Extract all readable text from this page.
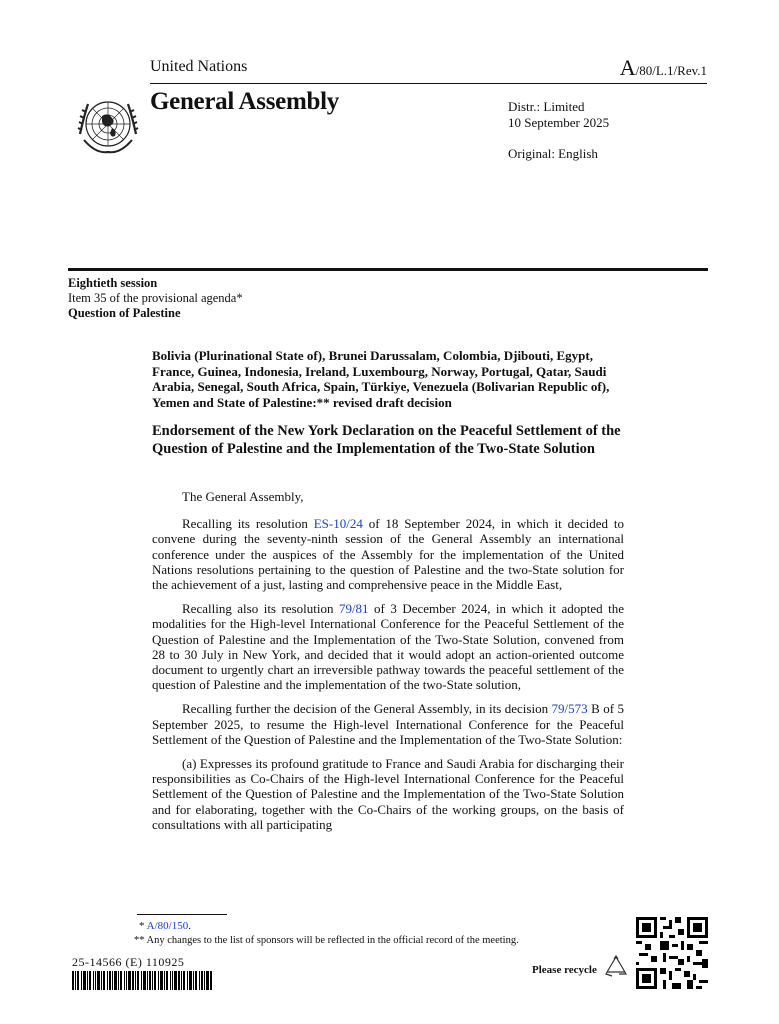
United Nations	A/80/L.1/Rev.1
General Assembly	Distr.: Limited
10 September 2025
Original: English
Eightieth session
Item 35 of the provisional agenda*
Question of Palestine
Bolivia (Plurinational State of), Brunei Darussalam, Colombia, Djibouti, Egypt, France, Guinea, Indonesia, Ireland, Luxembourg, Norway, Portugal, Qatar, Saudi Arabia, Senegal, South Africa, Spain, Türkiye, Venezuela (Bolivarian Republic of), Yemen and State of Palestine:** revised draft decision
Endorsement of the New York Declaration on the Peaceful Settlement of the Question of Palestine and the Implementation of the Two-State Solution

The General Assembly,

Recalling its resolution ES-10/24 of 18 September 2024, in which it decided to convene during the seventy-ninth session of the General Assembly an international conference under the auspices of the Assembly for the implementation of the United Nations resolutions pertaining to the question of Palestine and the two-State solution for the achievement of a just, lasting and comprehensive peace in the Middle East,

Recalling also its resolution 79/81 of 3 December 2024, in which it adopted the modalities for the High-level International Conference for the Peaceful Settlement of the Question of Palestine and the Implementation of the Two-State Solution, convened from 28 to 30 July in New York, and decided that it would adopt an action-oriented outcome document to urgently chart an irreversible pathway towards the peaceful settlement of the question of Palestine and the implementation of the two-State solution,

Recalling further the decision of the General Assembly, in its decision 79/573 B of 5 September 2025, to resume the High-level International Conference for the Peaceful Settlement of the Question of Palestine and the Implementation of the Two-State Solution:

(a) Expresses its profound gratitude to France and Saudi Arabia for discharging their responsibilities as Co-Chairs of the High-level International Conference for the Peaceful Settlement of the Question of Palestine and the Implementation of the Two-State Solution and for elaborating, together with the Co-Chairs of the working groups, on the basis of consultations with all participating

* A/80/150.
** Any changes to the list of sponsors will be reflected in the official record of the meeting.
25-14566 (E) 110925
Please recycle
